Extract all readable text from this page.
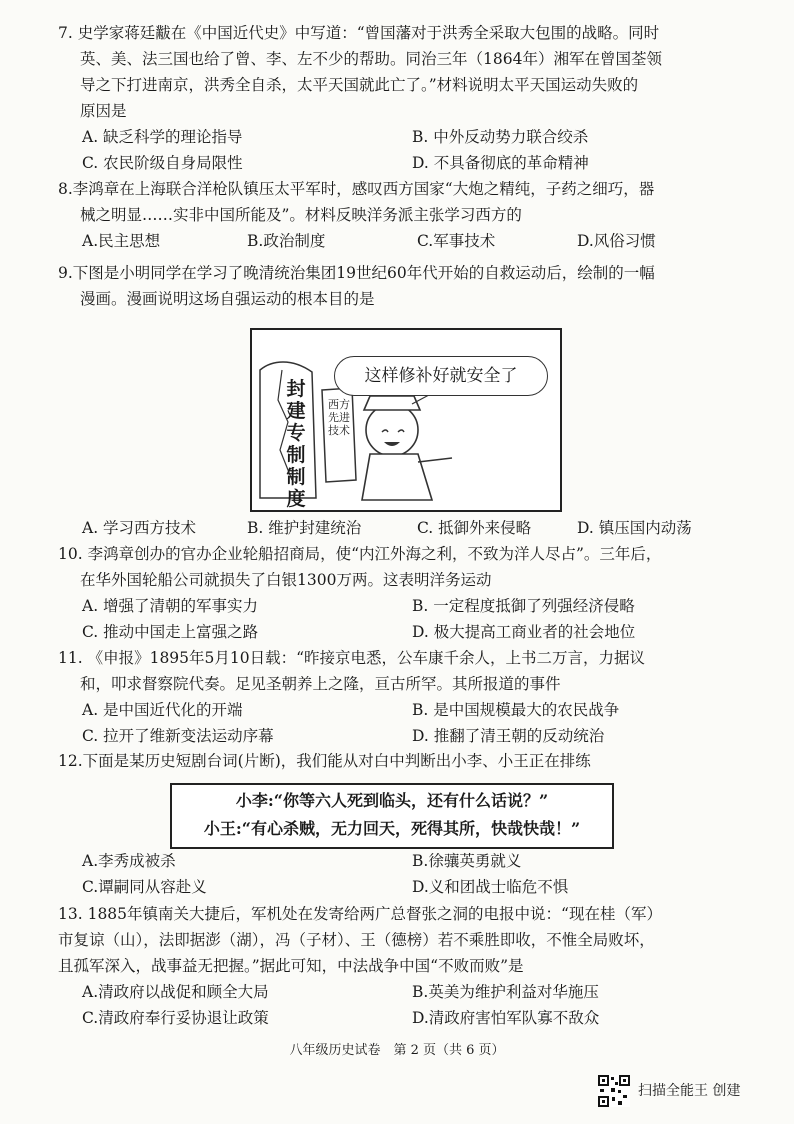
7. 史学家蒋廷黻在《中国近代史》中写道：“曾国藩对于洪秀全采取大包围的战略。同时
英、美、法三国也给了曾、李、左不少的帮助。同治三年（1864年）湘军在曾国荃领
导之下打进南京，洪秀全自杀，太平天国就此亡了。”材料说明太平天国运动失败的
原因是
A. 缺乏科学的理论指导	B. 中外反动势力联合绞杀
C. 农民阶级自身局限性	D. 不具备彻底的革命精神
8.李鸿章在上海联合洋枪队镇压太平军时，感叹西方国家“大炮之精纯，子药之细巧，器
械之明显……实非中国所能及”。材料反映洋务派主张学习西方的
A.民主思想	B.政治制度	C.军事技术	D.风俗习惯
9.下图是小明同学在学习了晚清统治集团19世纪60年代开始的自救运动后，绘制的一幅
漫画。漫画说明这场自强运动的根本目的是
这样修补好就安全了
封建专制制度
西方先进技术
A. 学习西方技术	B. 维护封建统治	C. 抵御外来侵略	D. 镇压国内动荡
10. 李鸿章创办的官办企业轮船招商局，使“内江外海之利，不致为洋人尽占”。三年后，
在华外国轮船公司就损失了白银1300万两。这表明洋务运动
A. 增强了清朝的军事实力	B. 一定程度抵御了列强经济侵略
C. 推动中国走上富强之路	D. 极大提高工商业者的社会地位
11. 《申报》1895年5月10日载：“昨接京电悉，公车康千余人，上书二万言，力据议
和，叩求督察院代奏。足见圣朝养上之隆，亘古所罕。其所报道的事件
A. 是中国近代化的开端	B. 是中国规模最大的农民战争
C. 拉开了维新变法运动序幕	D. 推翻了清王朝的反动统治
12.下面是某历史短剧台词(片断)，我们能从对白中判断出小李、小王正在排练
小李:“你等六人死到临头，还有什么话说？”
小王:“有心杀贼，无力回天，死得其所，快哉快哉！”
A.李秀成被杀	B.徐骧英勇就义
C.谭嗣同从容赴义	D.义和团战士临危不惧
13. 1885年镇南关大捷后，军机处在发寄给两广总督张之洞的电报中说：“现在桂（军）
市复谅（山），法即据澎（湖），冯（子材）、王（德榜）若不乘胜即收，不惟全局败坏，
且孤军深入，战事益无把握。”据此可知，中法战争中国“不败而败”是
A.清政府以战促和顾全大局	B.英美为维护利益对华施压
C.清政府奉行妥协退让政策	D.清政府害怕军队寡不敌众
八年级历史试卷　第 2 页（共 6 页）
扫描全能王 创建
